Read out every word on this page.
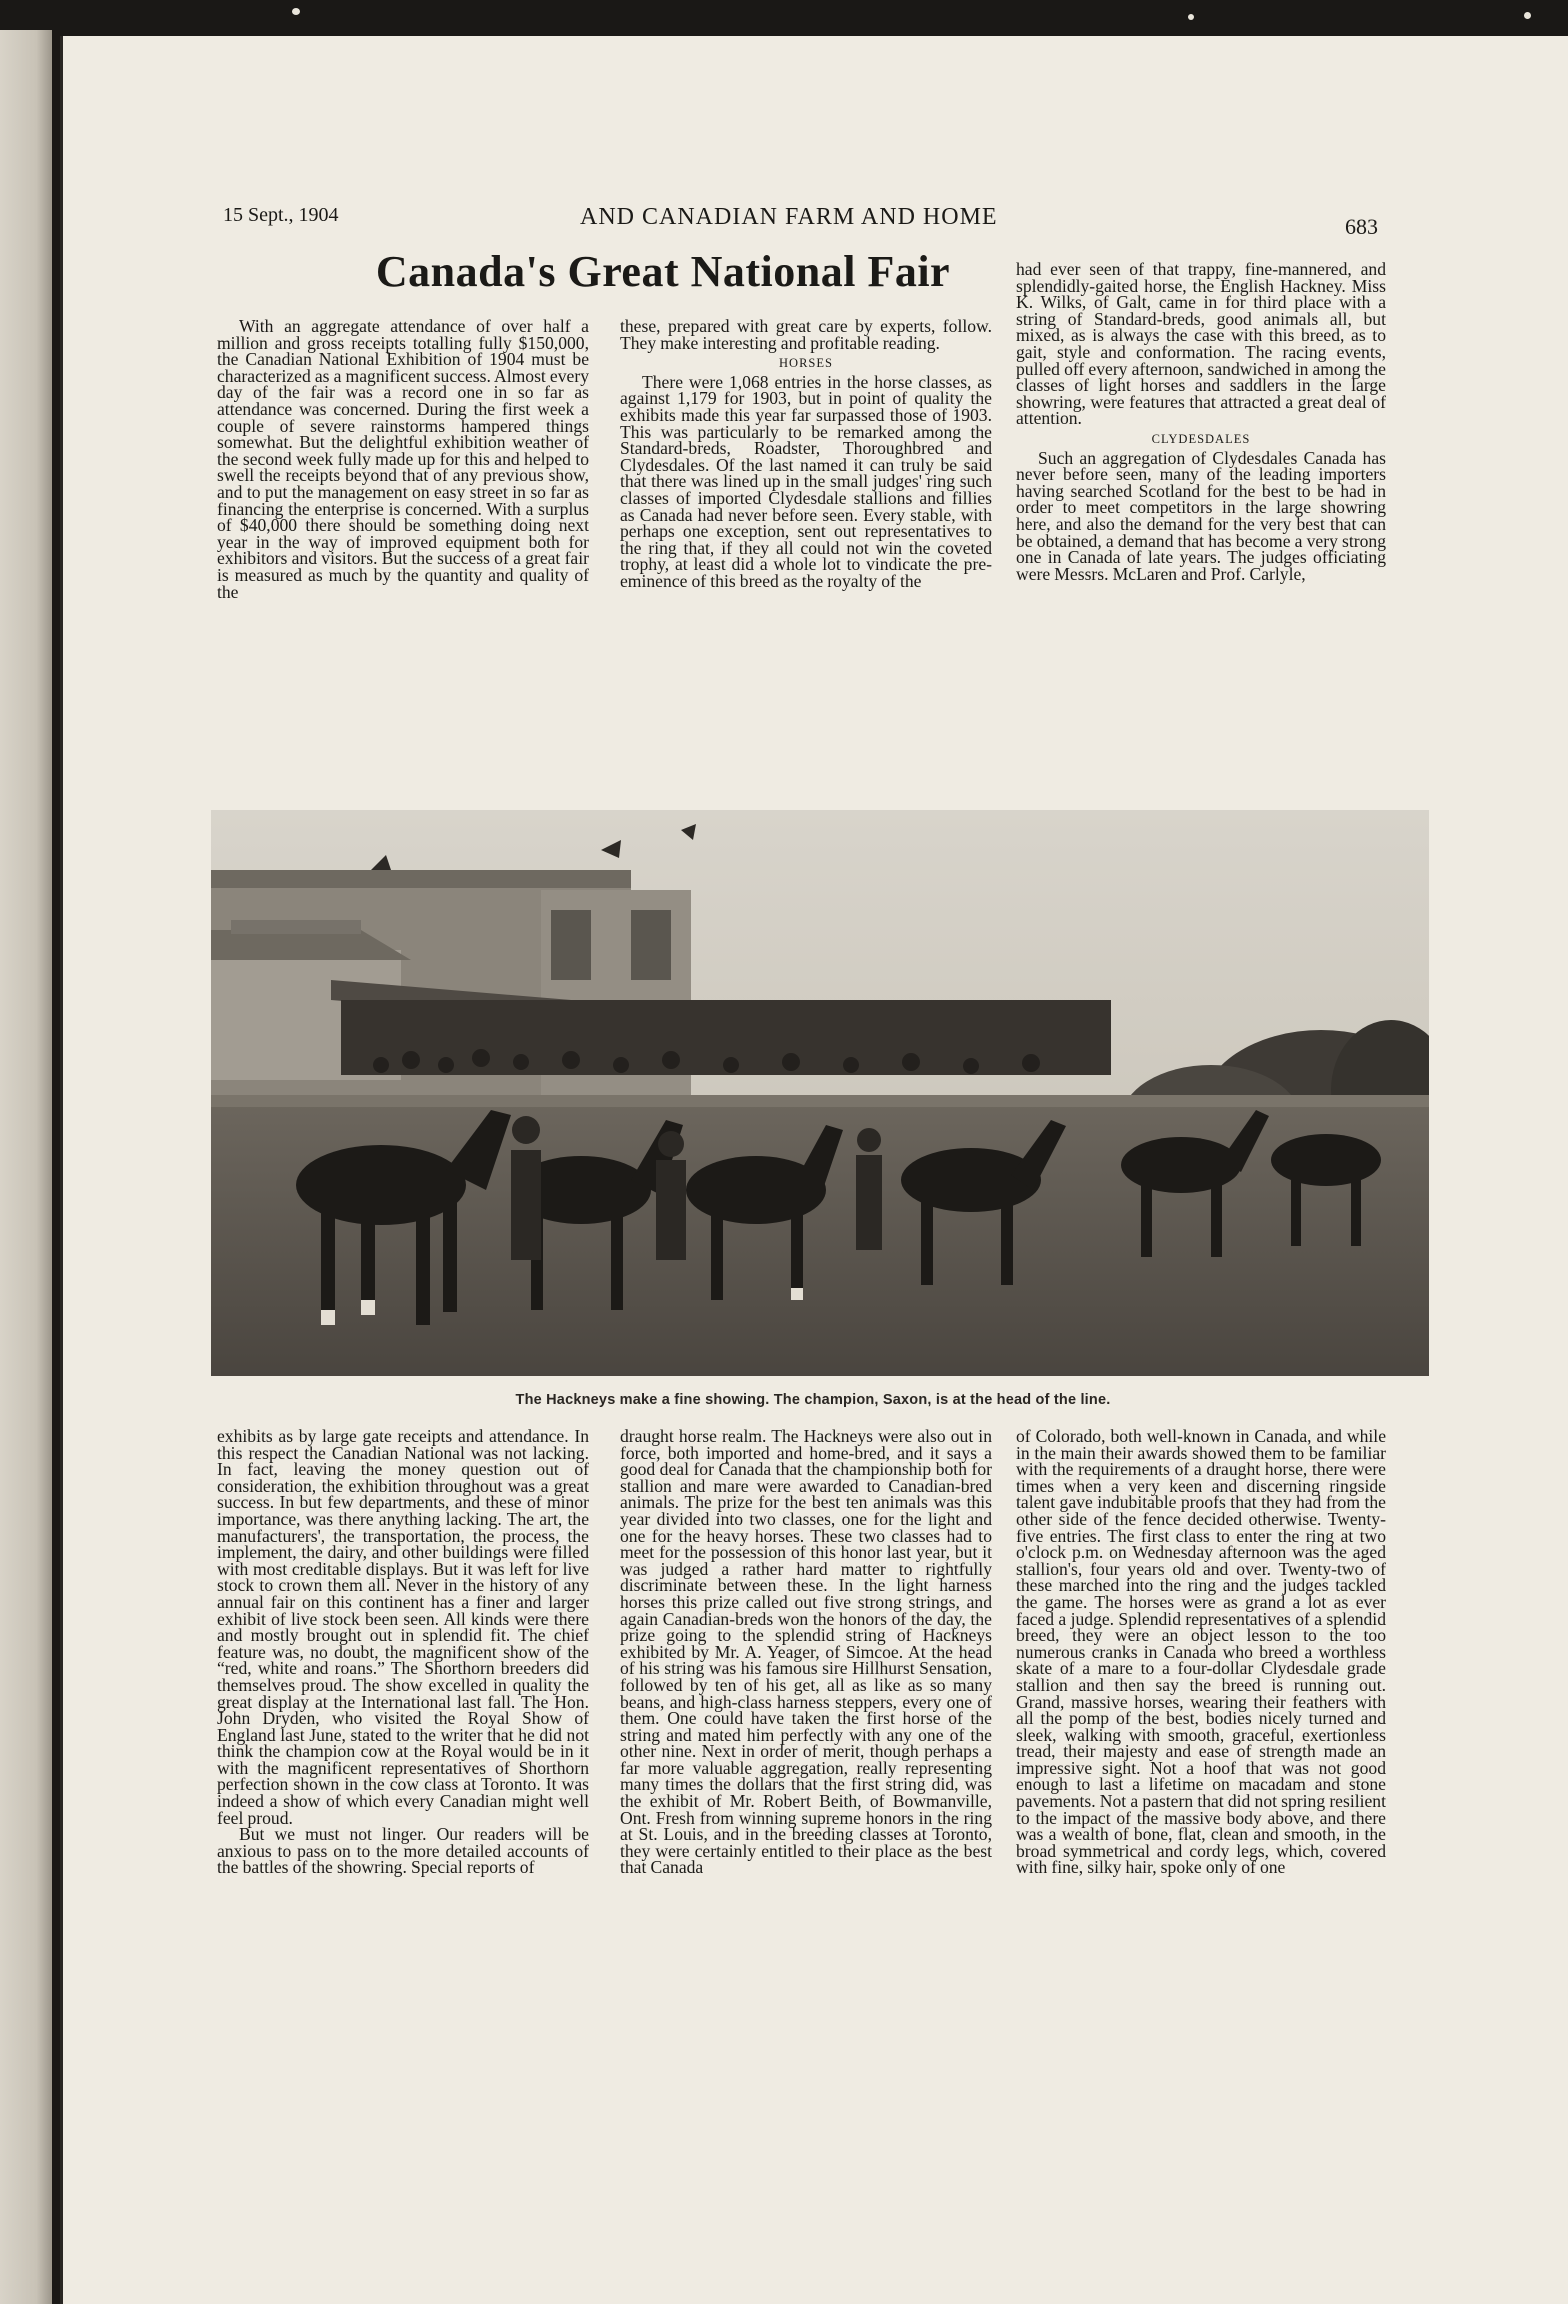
15 Sept., 1904	AND CANADIAN FARM AND HOME	683
Canada's Great National Fair

With an aggregate attendance of over half a million and gross receipts totalling fully $150,000, the Canadian National Exhibition of 1904 must be characterized as a magnificent success. Almost every day of the fair was a record one in so far as attendance was concerned. During the first week a couple of severe rainstorms hampered things somewhat. But the delightful exhibition weather of the second week fully made up for this and helped to swell the receipts beyond that of any previous show, and to put the management on easy street in so far as financing the enterprise is concerned. With a surplus of $40,000 there should be something doing next year in the way of improved equipment both for exhibitors and visitors. But the success of a great fair is measured as much by the quantity and quality of the

these, prepared with great care by experts, follow. They make interesting and profitable reading.

HORSES

There were 1,068 entries in the horse classes, as against 1,179 for 1903, but in point of quality the exhibits made this year far surpassed those of 1903. This was particularly to be remarked among the Standard-breds, Roadster, Thoroughbred and Clydesdales. Of the last named it can truly be said that there was lined up in the small judges' ring such classes of imported Clydesdale stallions and fillies as Canada had never before seen. Every stable, with perhaps one exception, sent out representatives to the ring that, if they all could not win the coveted trophy, at least did a whole lot to vindicate the pre-eminence of this breed as the royalty of the

had ever seen of that trappy, fine-mannered, and splendidly-gaited horse, the English Hackney. Miss K. Wilks, of Galt, came in for third place with a string of Standard-breds, good animals all, but mixed, as is always the case with this breed, as to gait, style and conformation. The racing events, pulled off every afternoon, sandwiched in among the classes of light horses and saddlers in the large showring, were features that attracted a great deal of attention.

CLYDESDALES

Such an aggregation of Clydesdales Canada has never before seen, many of the leading importers having searched Scotland for the best to be had in order to meet competitors in the large showring here, and also the demand for the very best that can be obtained, a demand that has become a very strong one in Canada of late years. The judges officiating were Messrs. McLaren and Prof. Carlyle,

The Hackneys make a fine showing. The champion, Saxon, is at the head of the line.

exhibits as by large gate receipts and attendance. In this respect the Canadian National was not lacking. In fact, leaving the money question out of consideration, the exhibition throughout was a great success. In but few departments, and these of minor importance, was there anything lacking. The art, the manufacturers', the transportation, the process, the implement, the dairy, and other buildings were filled with most creditable displays. But it was left for live stock to crown them all. Never in the history of any annual fair on this continent has a finer and larger exhibit of live stock been seen. All kinds were there and mostly brought out in splendid fit. The chief feature was, no doubt, the magnificent show of the “red, white and roans.” The Shorthorn breeders did themselves proud. The show excelled in quality the great display at the International last fall. The Hon. John Dryden, who visited the Royal Show of England last June, stated to the writer that he did not think the champion cow at the Royal would be in it with the magnificent representatives of Shorthorn perfection shown in the cow class at Toronto. It was indeed a show of which every Canadian might well feel proud.

But we must not linger. Our readers will be anxious to pass on to the more detailed accounts of the battles of the showring. Special reports of

draught horse realm. The Hackneys were also out in force, both imported and home-bred, and it says a good deal for Canada that the championship both for stallion and mare were awarded to Canadian-bred animals. The prize for the best ten animals was this year divided into two classes, one for the light and one for the heavy horses. These two classes had to meet for the possession of this honor last year, but it was judged a rather hard matter to rightfully discriminate between these. In the light harness horses this prize called out five strong strings, and again Canadian-breds won the honors of the day, the prize going to the splendid string of Hackneys exhibited by Mr. A. Yeager, of Simcoe. At the head of his string was his famous sire Hillhurst Sensation, followed by ten of his get, all as like as so many beans, and high-class harness steppers, every one of them. One could have taken the first horse of the string and mated him perfectly with any one of the other nine. Next in order of merit, though perhaps a far more valuable aggregation, really representing many times the dollars that the first string did, was the exhibit of Mr. Robert Beith, of Bowmanville, Ont. Fresh from winning supreme honors in the ring at St. Louis, and in the breeding classes at Toronto, they were certainly entitled to their place as the best that Canada

of Colorado, both well-known in Canada, and while in the main their awards showed them to be familiar with the requirements of a draught horse, there were times when a very keen and discerning ringside talent gave indubitable proofs that they had from the other side of the fence decided otherwise. Twenty-five entries. The first class to enter the ring at two o'clock p.m. on Wednesday afternoon was the aged stallion's, four years old and over. Twenty-two of these marched into the ring and the judges tackled the game. The horses were as grand a lot as ever faced a judge. Splendid representatives of a splendid breed, they were an object lesson to the too numerous cranks in Canada who breed a worthless skate of a mare to a four-dollar Clydesdale grade stallion and then say the breed is running out. Grand, massive horses, wearing their feathers with all the pomp of the best, bodies nicely turned and sleek, walking with smooth, graceful, exertionless tread, their majesty and ease of strength made an impressive sight. Not a hoof that was not good enough to last a lifetime on macadam and stone pavements. Not a pastern that did not spring resilient to the impact of the massive body above, and there was a wealth of bone, flat, clean and smooth, in the broad symmetrical and cordy legs, which, covered with fine, silky hair, spoke only of one
